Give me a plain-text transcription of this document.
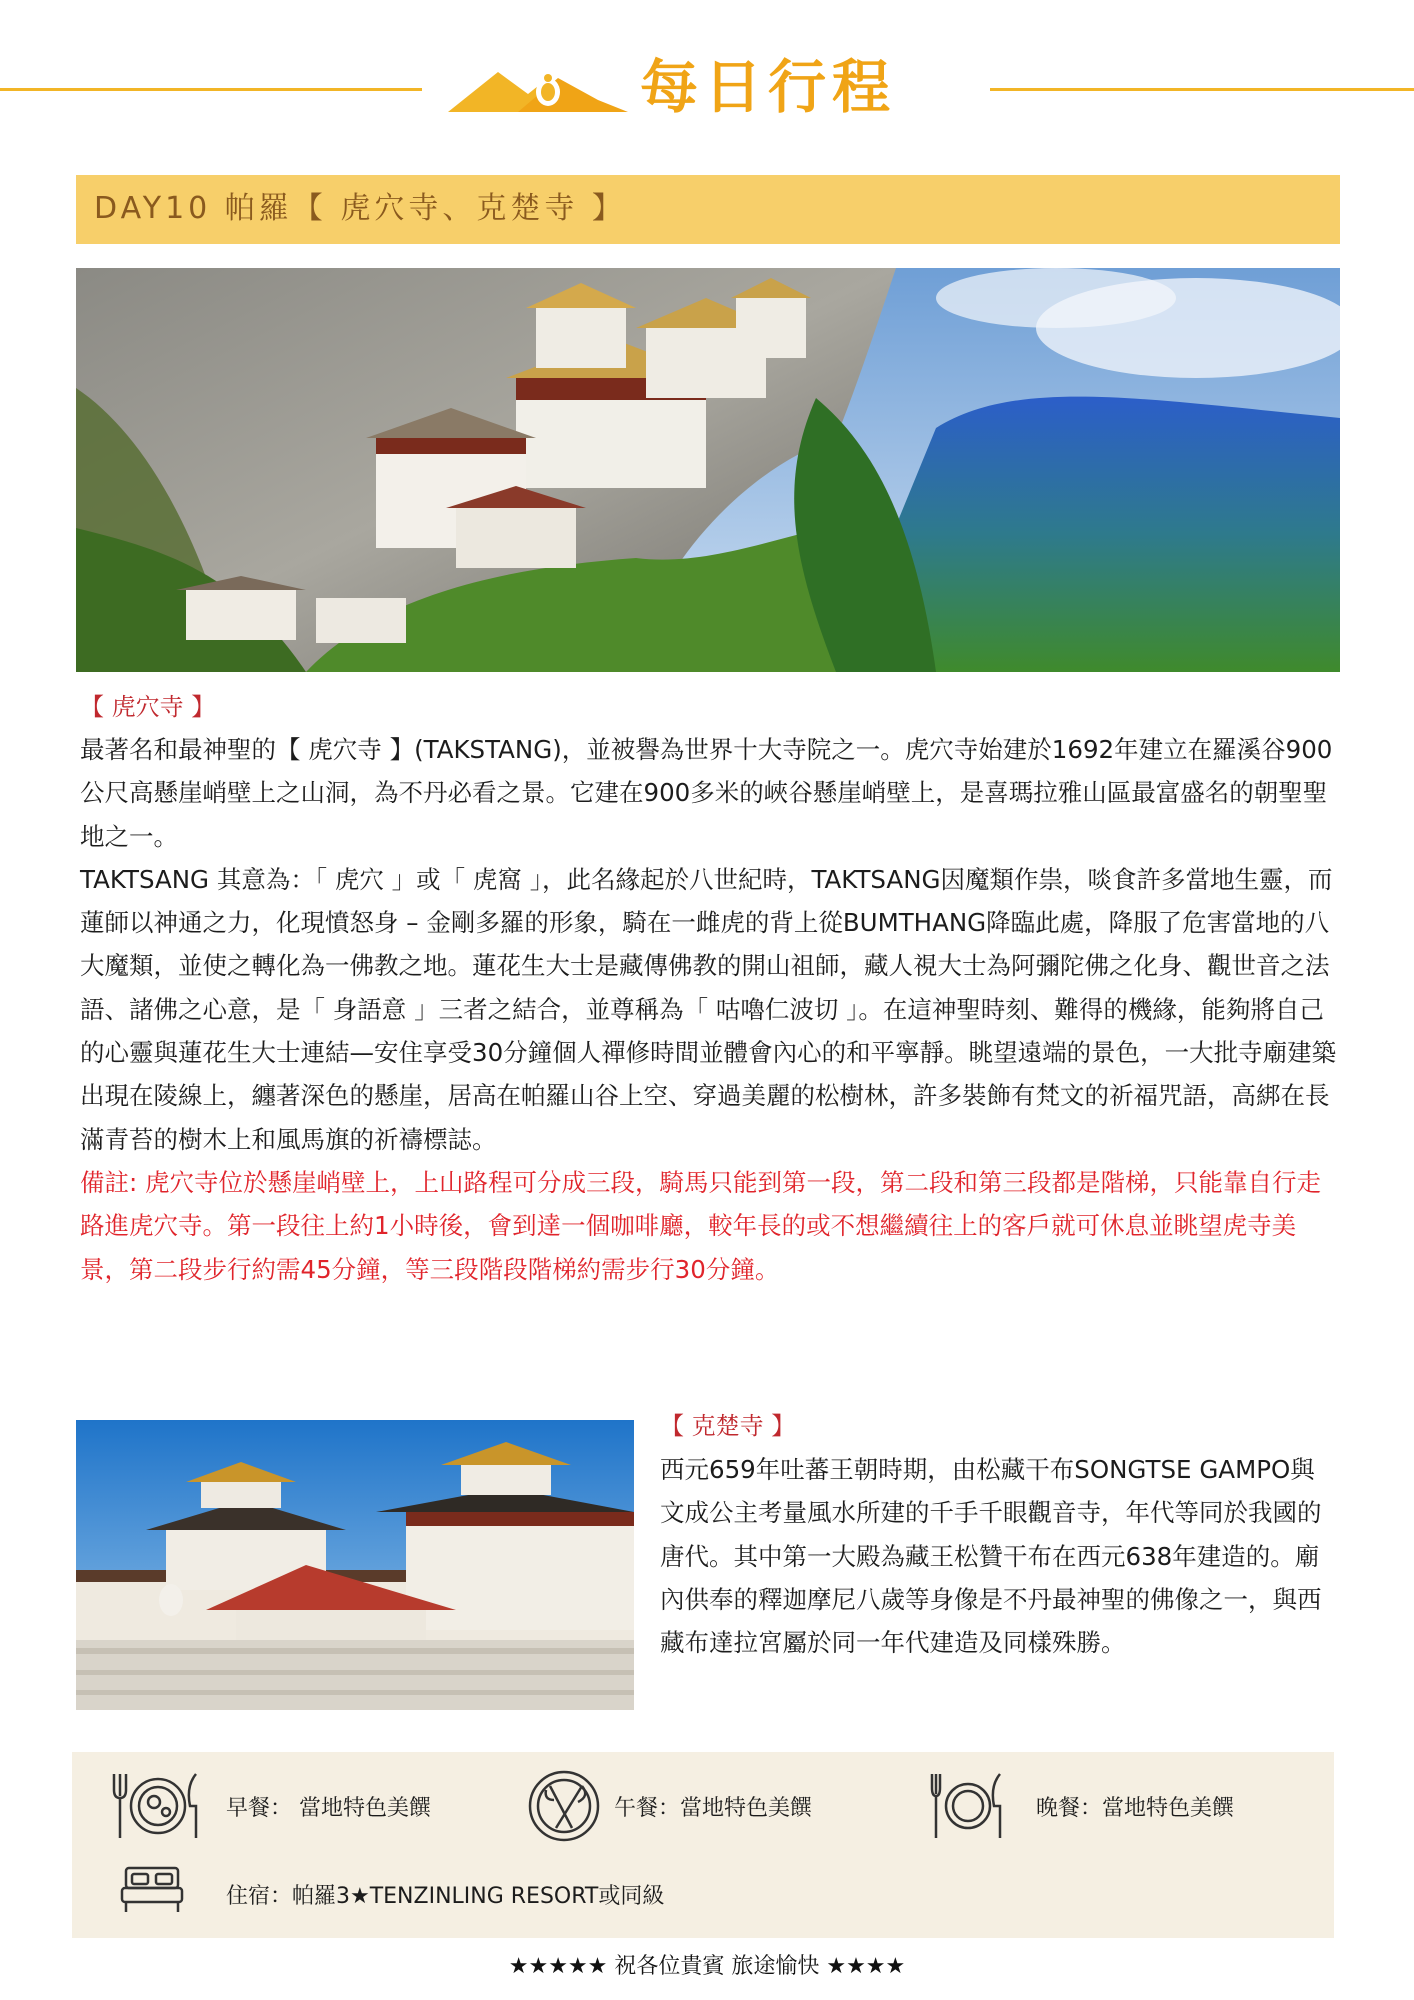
每日行程
DAY10 帕羅【 虎穴寺、克楚寺 】
【 虎穴寺 】

最著名和最神聖的【 虎穴寺 】(TAKSTANG)，並被譽為世界十大寺院之一。虎穴寺始建於1692年建立在羅溪谷900公尺高懸崖峭壁上之山洞，為不丹必看之景。它建在900多米的峽谷懸崖峭壁上，是喜瑪拉雅山區最富盛名的朝聖聖地之一。

TAKTSANG 其意為：「 虎穴 」或「 虎窩 」，此名緣起於八世紀時，TAKTSANG因魔類作祟，啖食許多當地生靈，而蓮師以神通之力，化現憤怒身 – 金剛多羅的形象，騎在一雌虎的背上從BUMTHANG降臨此處，降服了危害當地的八大魔類，並使之轉化為一佛教之地。蓮花生大士是藏傳佛教的開山祖師，藏人視大士為阿彌陀佛之化身、觀世音之法語、諸佛之心意，是「 身語意 」三者之結合，並尊稱為「 咕嚕仁波切 」。在這神聖時刻、難得的機緣，能夠將自己的心靈與蓮花生大士連結—安住享受30分鐘個人禪修時間並體會內心的和平寧靜。眺望遠端的景色，一大批寺廟建築出現在陵線上，纏著深色的懸崖，居高在帕羅山谷上空、穿過美麗的松樹林，許多裝飾有梵文的祈福咒語，高綁在長滿青苔的樹木上和風馬旗的祈禱標誌。

備註: 虎穴寺位於懸崖峭壁上，上山路程可分成三段，騎馬只能到第一段，第二段和第三段都是階梯，只能靠自行走路進虎穴寺。第一段往上約1小時後，會到達一個咖啡廳，較年長的或不想繼續往上的客戶就可休息並眺望虎寺美景，第二段步行約需45分鐘，等三段階段階梯約需步行30分鐘。

【 克楚寺 】
西元659年吐蕃王朝時期，由松藏干布SONGTSE GAMPO與文成公主考量風水所建的千手千眼觀音寺，年代等同於我國的唐代。其中第一大殿為藏王松贊干布在西元638年建造的。廟內供奉的釋迦摩尼八歲等身像是不丹最神聖的佛像之一，與西藏布達拉宮屬於同一年代建造及同樣殊勝。
早餐： 當地特色美饌	午餐：當地特色美饌	晚餐：當地特色美饌
住宿：帕羅3★TENZINLING RESORT或同級
★★★★★ 祝各位貴賓 旅途愉快 ★★★★
